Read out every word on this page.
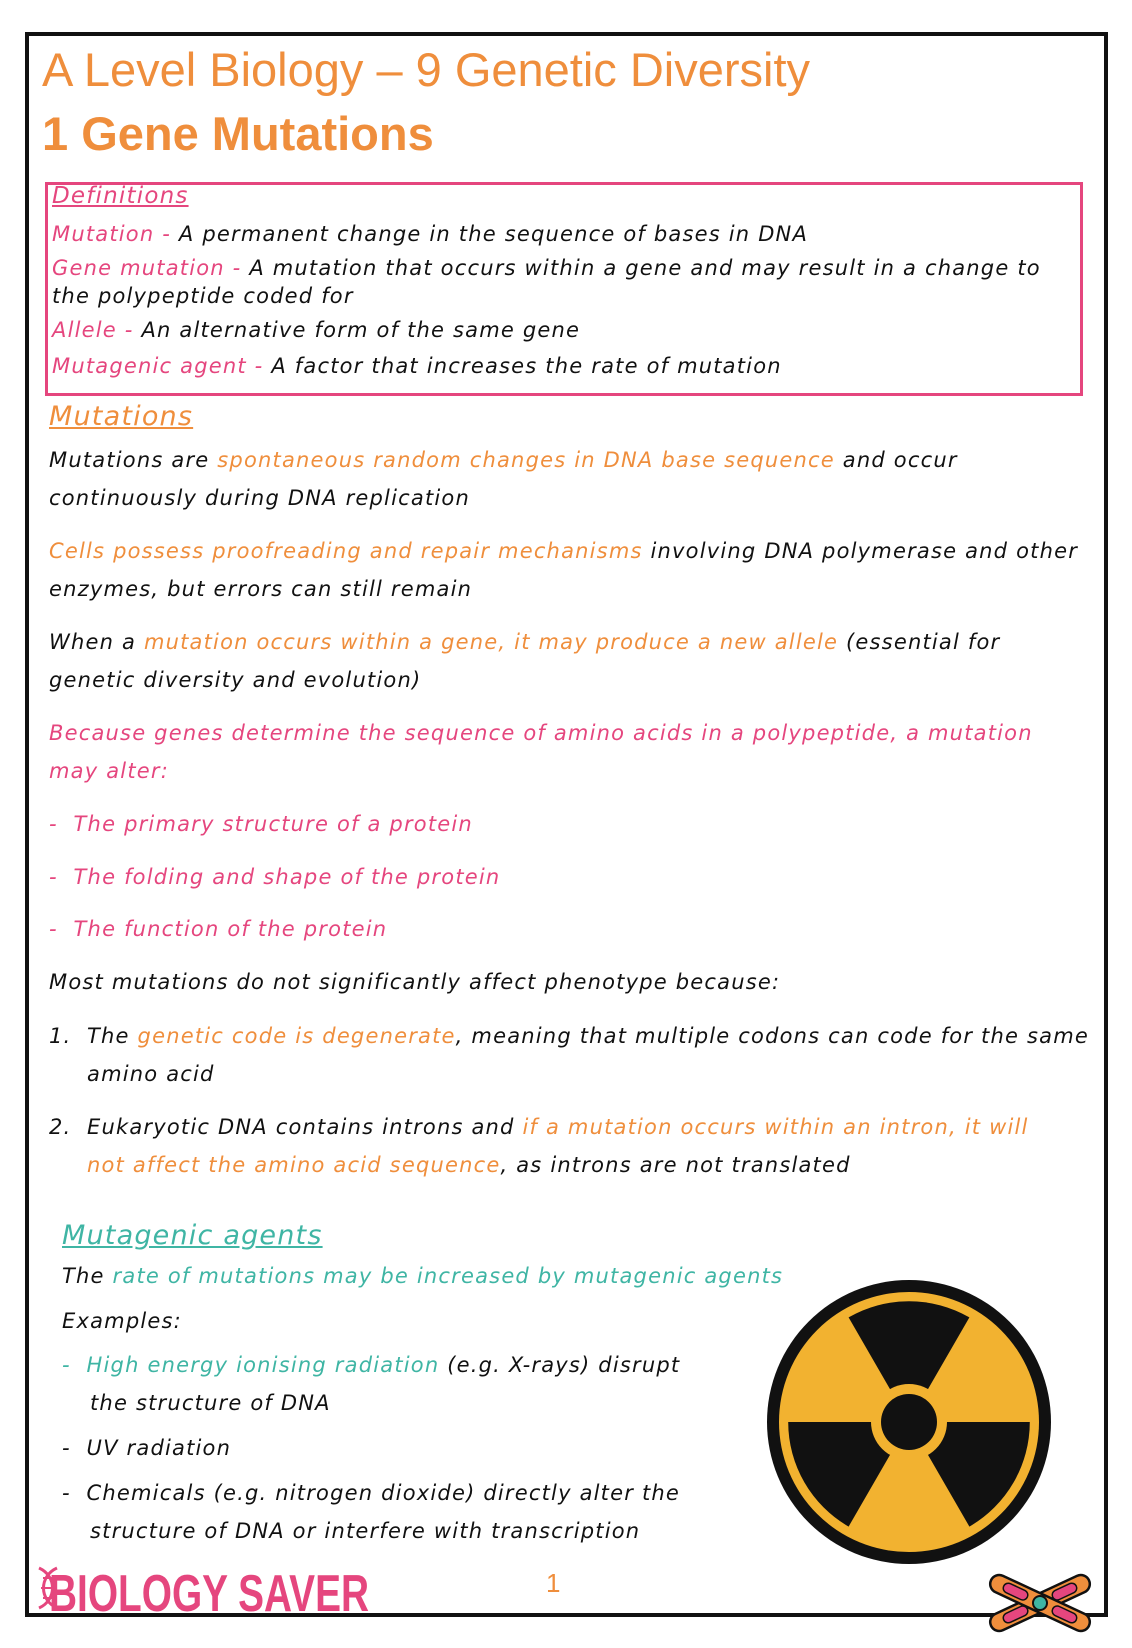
A Level Biology – 9 Genetic Diversity
1 Gene Mutations
Definitions
Mutation - A permanent change in the sequence of bases in DNA
Gene mutation - A mutation that occurs within a gene and may result in a change to
the polypeptide coded for
Allele - An alternative form of the same gene
Mutagenic agent - A factor that increases the rate of mutation
Mutations
Mutations are spontaneous random changes in DNA base sequence and occur
continuously during DNA replication
Cells possess proofreading and repair mechanisms involving DNA polymerase and other
enzymes, but errors can still remain
When a mutation occurs within a gene, it may produce a new allele (essential for
genetic diversity and evolution)
Because genes determine the sequence of amino acids in a polypeptide, a mutation
may alter:
-  The primary structure of a protein
-  The folding and shape of the protein
-  The function of the protein
Most mutations do not significantly affect phenotype because:
1. The genetic code is degenerate, meaning that multiple codons can code for the same
amino acid
2. Eukaryotic DNA contains introns and if a mutation occurs within an intron, it will
not affect the amino acid sequence, as introns are not translated
Mutagenic agents
The rate of mutations may be increased by mutagenic agents
Examples:
-  High energy ionising radiation (e.g. X-rays) disrupt
the structure of DNA
-  UV radiation
-  Chemicals (e.g. nitrogen dioxide) directly alter the
structure of DNA or interfere with transcription
BIOLOGY SAVER	1
